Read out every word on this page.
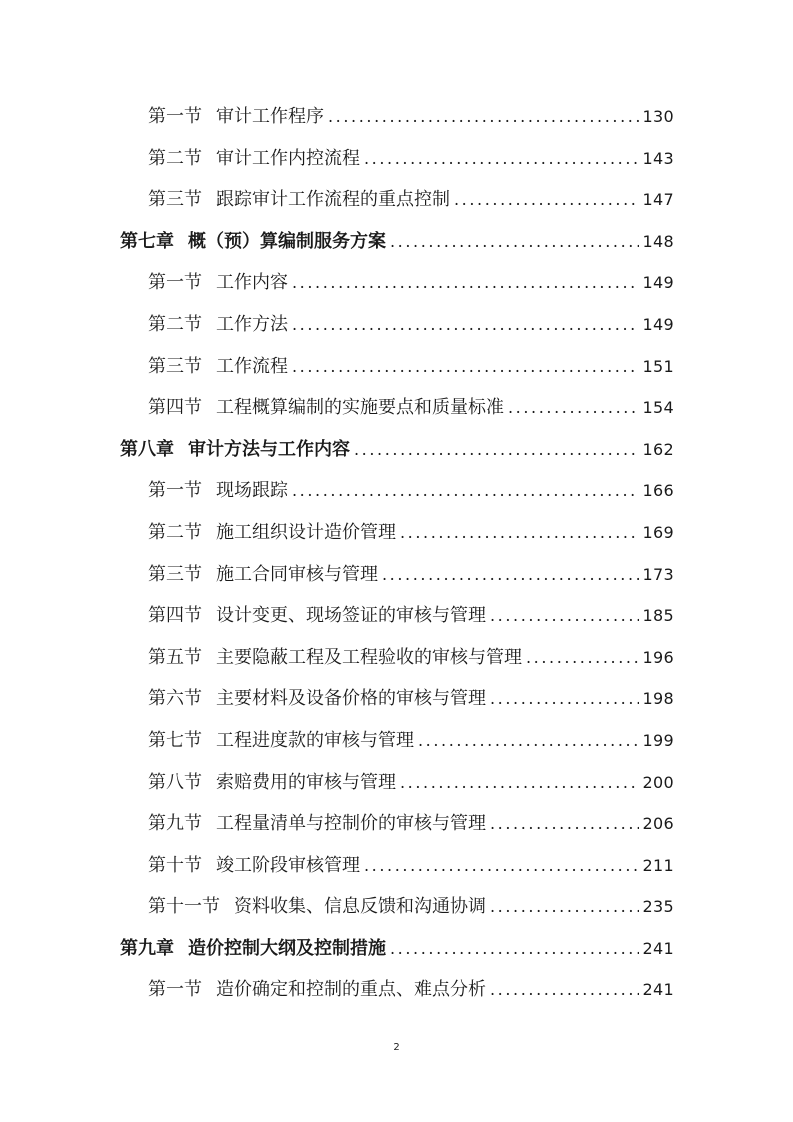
第一节 审计工作程序 .....	130
第二节 审计工作内控流程 .....	143
第三节 跟踪审计工作流程的重点控制 .....	147
第七章 概（预）算编制服务方案 .....	148
第一节 工作内容 .....	149
第二节 工作方法 .....	149
第三节 工作流程 .....	151
第四节 工程概算编制的实施要点和质量标准 .....	154
第八章 审计方法与工作内容 .....	162
第一节 现场跟踪 .....	166
第二节 施工组织设计造价管理 .....	169
第三节 施工合同审核与管理 .....	173
第四节 设计变更、现场签证的审核与管理 .....	185
第五节 主要隐蔽工程及工程验收的审核与管理 .....	196
第六节 主要材料及设备价格的审核与管理 .....	198
第七节 工程进度款的审核与管理 .....	199
第八节 索赔费用的审核与管理 .....	200
第九节 工程量清单与控制价的审核与管理 .....	206
第十节 竣工阶段审核管理 .....	211
第十一节 资料收集、信息反馈和沟通协调 .....	235
第九章 造价控制大纲及控制措施 .....	241
第一节 造价确定和控制的重点、难点分析 .....	241
2
